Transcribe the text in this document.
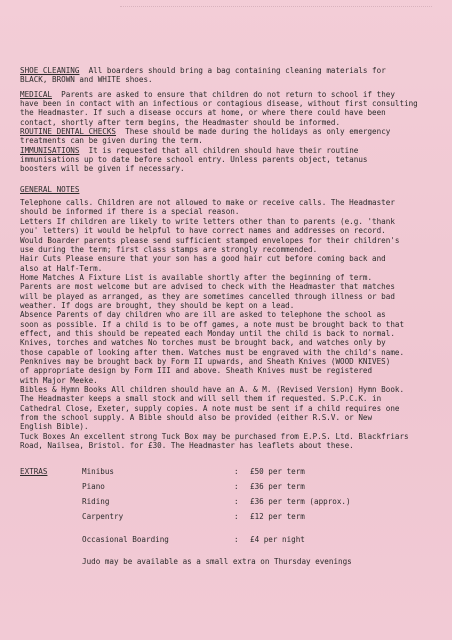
SHOE CLEANING All boarders should bring a bag containing cleaning materials for
BLACK, BROWN and WHITE shoes.
MEDICAL Parents are asked to ensure that children do not return to school if they
have been in contact with an infectious or contagious disease, without first consulting
the Headmaster. If such a disease occurs at home, or where there could have been
contact, shortly after term begins, the Headmaster should be informed.
ROUTINE DENTAL CHECKS These should be made during the holidays as only emergency
treatments can be given during the term.
IMMUNISATIONS It is requested that all children should have their routine
immunisations up to date before school entry. Unless parents object, tetanus
boosters will be given if necessary.
GENERAL NOTES
Telephone calls. Children are not allowed to make or receive calls. The Headmaster
should be informed if there is a special reason.
Letters If children are likely to write letters other than to parents (e.g. 'thank
you' letters) it would be helpful to have correct names and addresses on record.
Would Boarder parents please send sufficient stamped envelopes for their children's
use during the term; first class stamps are strongly recommended.
Hair Cuts Please ensure that your son has a good hair cut before coming back and
also at Half-Term.
Home Matches A Fixture List is available shortly after the beginning of term.
Parents are most welcome but are advised to check with the Headmaster that matches
will be played as arranged, as they are sometimes cancelled through illness or bad
weather. If dogs are brought, they should be kept on a lead.
Absence Parents of day children who are ill are asked to telephone the school as
soon as possible. If a child is to be off games, a note must be brought back to that
effect, and this should be repeated each Monday until the child is back to normal.
Knives, torches and watches No torches must be brought back, and watches only by
those capable of looking after them. Watches must be engraved with the child's name.
Penknives may be brought back by Form II upwards, and Sheath Knives (WOOD KNIVES)
of appropriate design by Form III and above. Sheath Knives must be registered
with Major Meeke.
Bibles & Hymn Books All children should have an A. & M. (Revised Version) Hymn Book.
The Headmaster keeps a small stock and will sell them if requested. S.P.C.K. in
Cathedral Close, Exeter, supply copies. A note must be sent if a child requires one
from the school supply. A Bible should also be provided (either R.S.V. or New
English Bible).
Tuck Boxes An excellent strong Tuck Box may be purchased from E.P.S. Ltd. Blackfriars
Road, Nailsea, Bristol. for £30. The Headmaster has leaflets about these.
EXTRAS	Minibus	:	£50 per term
Piano	:	£36 per term
Riding	:	£36 per term (approx.)
Carpentry	:	£12 per term
Occasional Boarding	:	£4 per night
Judo may be available as a small extra on Thursday evenings
